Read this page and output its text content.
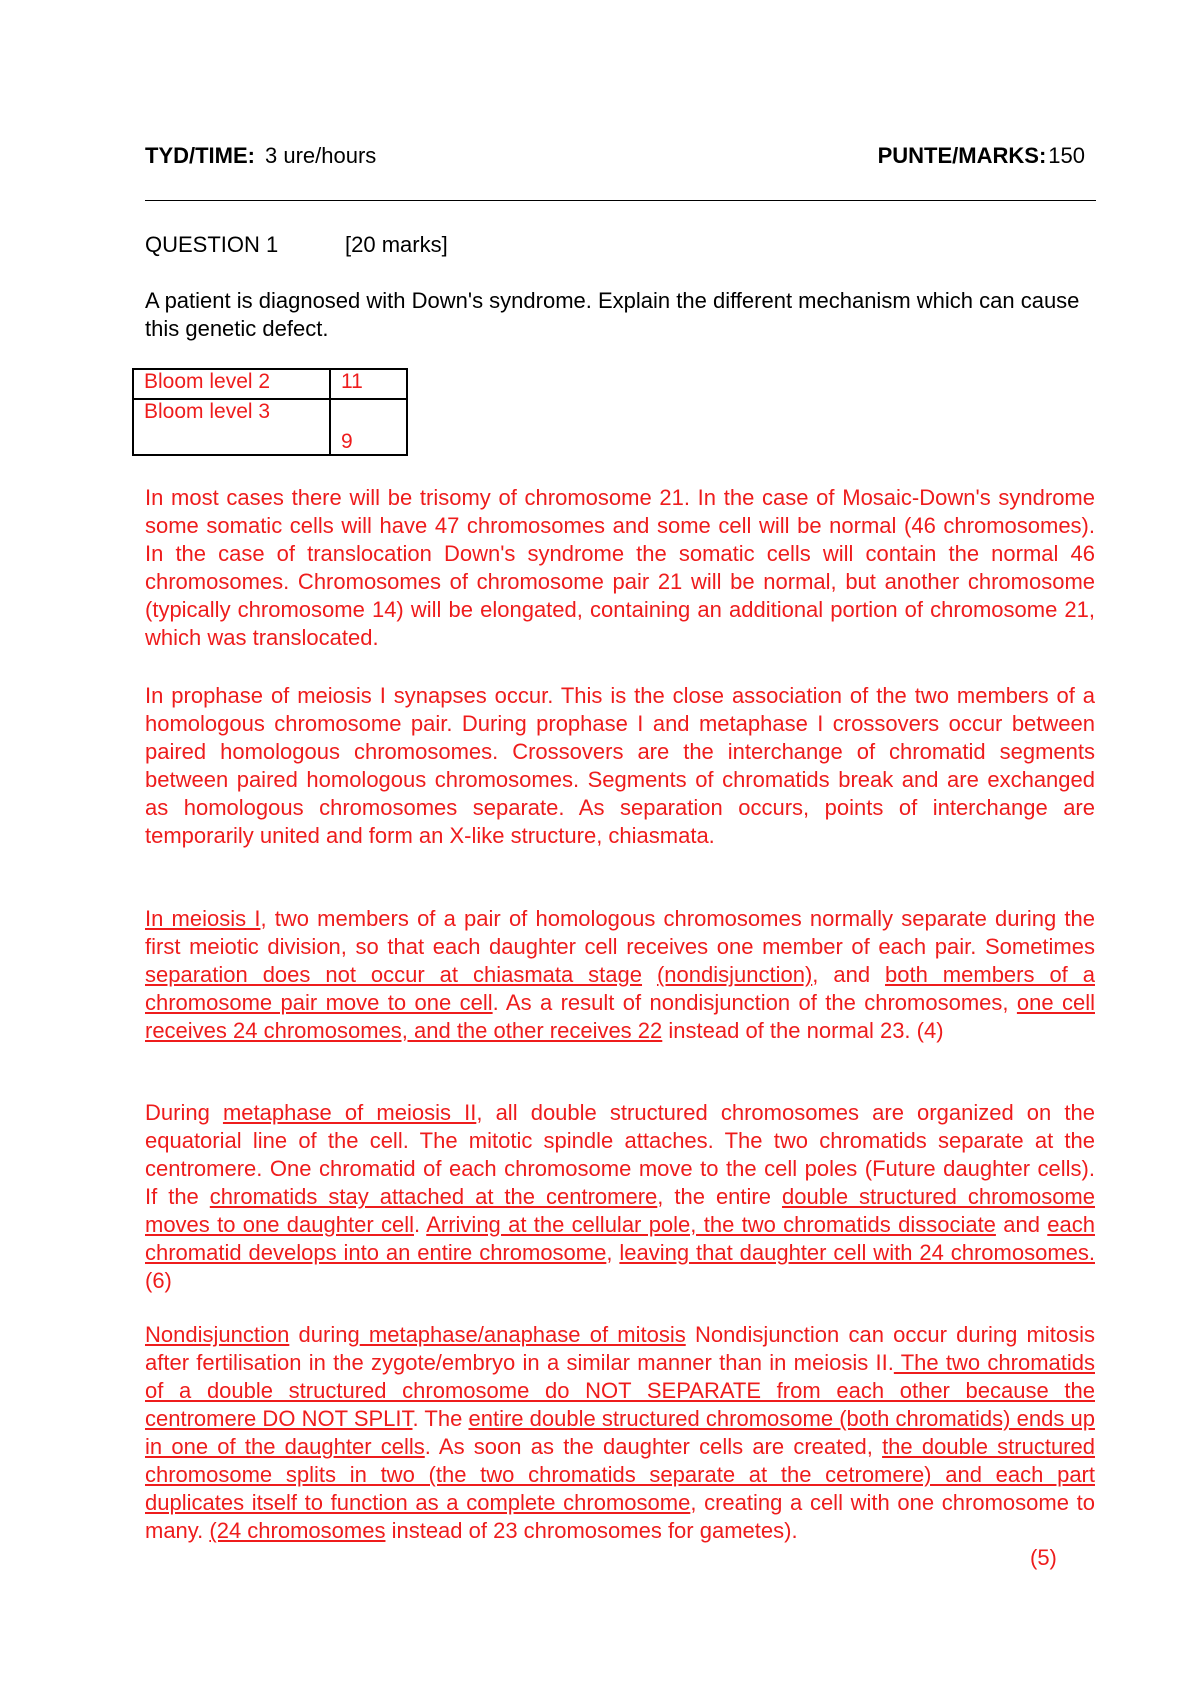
TYD/TIME: 3 ure/hours	PUNTE/MARKS:150
QUESTION 1	[20 marks]
A patient is diagnosed with Down's syndrome. Explain the different mechanism which can cause this genetic defect.
Bloom level 2	11
Bloom level 3	9
In most cases there will be trisomy of chromosome 21. In the case of Mosaic-Down's syndrome some somatic cells will have 47 chromosomes and some cell will be normal (46 chromosomes). In the case of translocation Down's syndrome the somatic cells will contain the normal 46 chromosomes. Chromosomes of chromosome pair 21 will be normal, but another chromosome (typically chromosome 14) will be elongated, containing an additional portion of chromosome 21, which was translocated.
In prophase of meiosis I synapses occur. This is the close association of the two members of a homologous chromosome pair. During prophase I and metaphase I crossovers occur between paired homologous chromosomes. Crossovers are the interchange of chromatid segments between paired homologous chromosomes. Segments of chromatids break and are exchanged as homologous chromosomes separate. As separation occurs, points of interchange are temporarily united and form an X-like structure, chiasmata.
In meiosis I, two members of a pair of homologous chromosomes normally separate during the first meiotic division, so that each daughter cell receives one member of each pair. Sometimes separation does not occur at chiasmata stage (nondisjunction), and both members of a chromosome pair move to one cell. As a result of nondisjunction of the chromosomes, one cell receives 24 chromosomes, and the other receives 22 instead of the normal 23. (4)
During metaphase of meiosis II, all double structured chromosomes are organized on the equatorial line of the cell. The mitotic spindle attaches. The two chromatids separate at the centromere. One chromatid of each chromosome move to the cell poles (Future daughter cells). If the chromatids stay attached at the centromere, the entire double structured chromosome moves to one daughter cell. Arriving at the cellular pole, the two chromatids dissociate and each chromatid develops into an entire chromosome, leaving that daughter cell with 24 chromosomes.(6)
Nondisjunction during metaphase/anaphase of mitosis Nondisjunction can occur during mitosis after fertilisation in the zygote/embryo in a similar manner than in meiosis II. The two chromatids of a double structured chromosome do NOT SEPARATE from each other because the centromere DO NOT SPLIT. The entire double structured chromosome (both chromatids) ends up in one of the daughter cells. As soon as the daughter cells are created, the double structured chromosome splits in two (the two chromatids separate at the cetromere) and each part duplicates itself to function as a complete chromosome, creating a cell with one chromosome to many. (24 chromosomes instead of 23 chromosomes for gametes).
(5)
